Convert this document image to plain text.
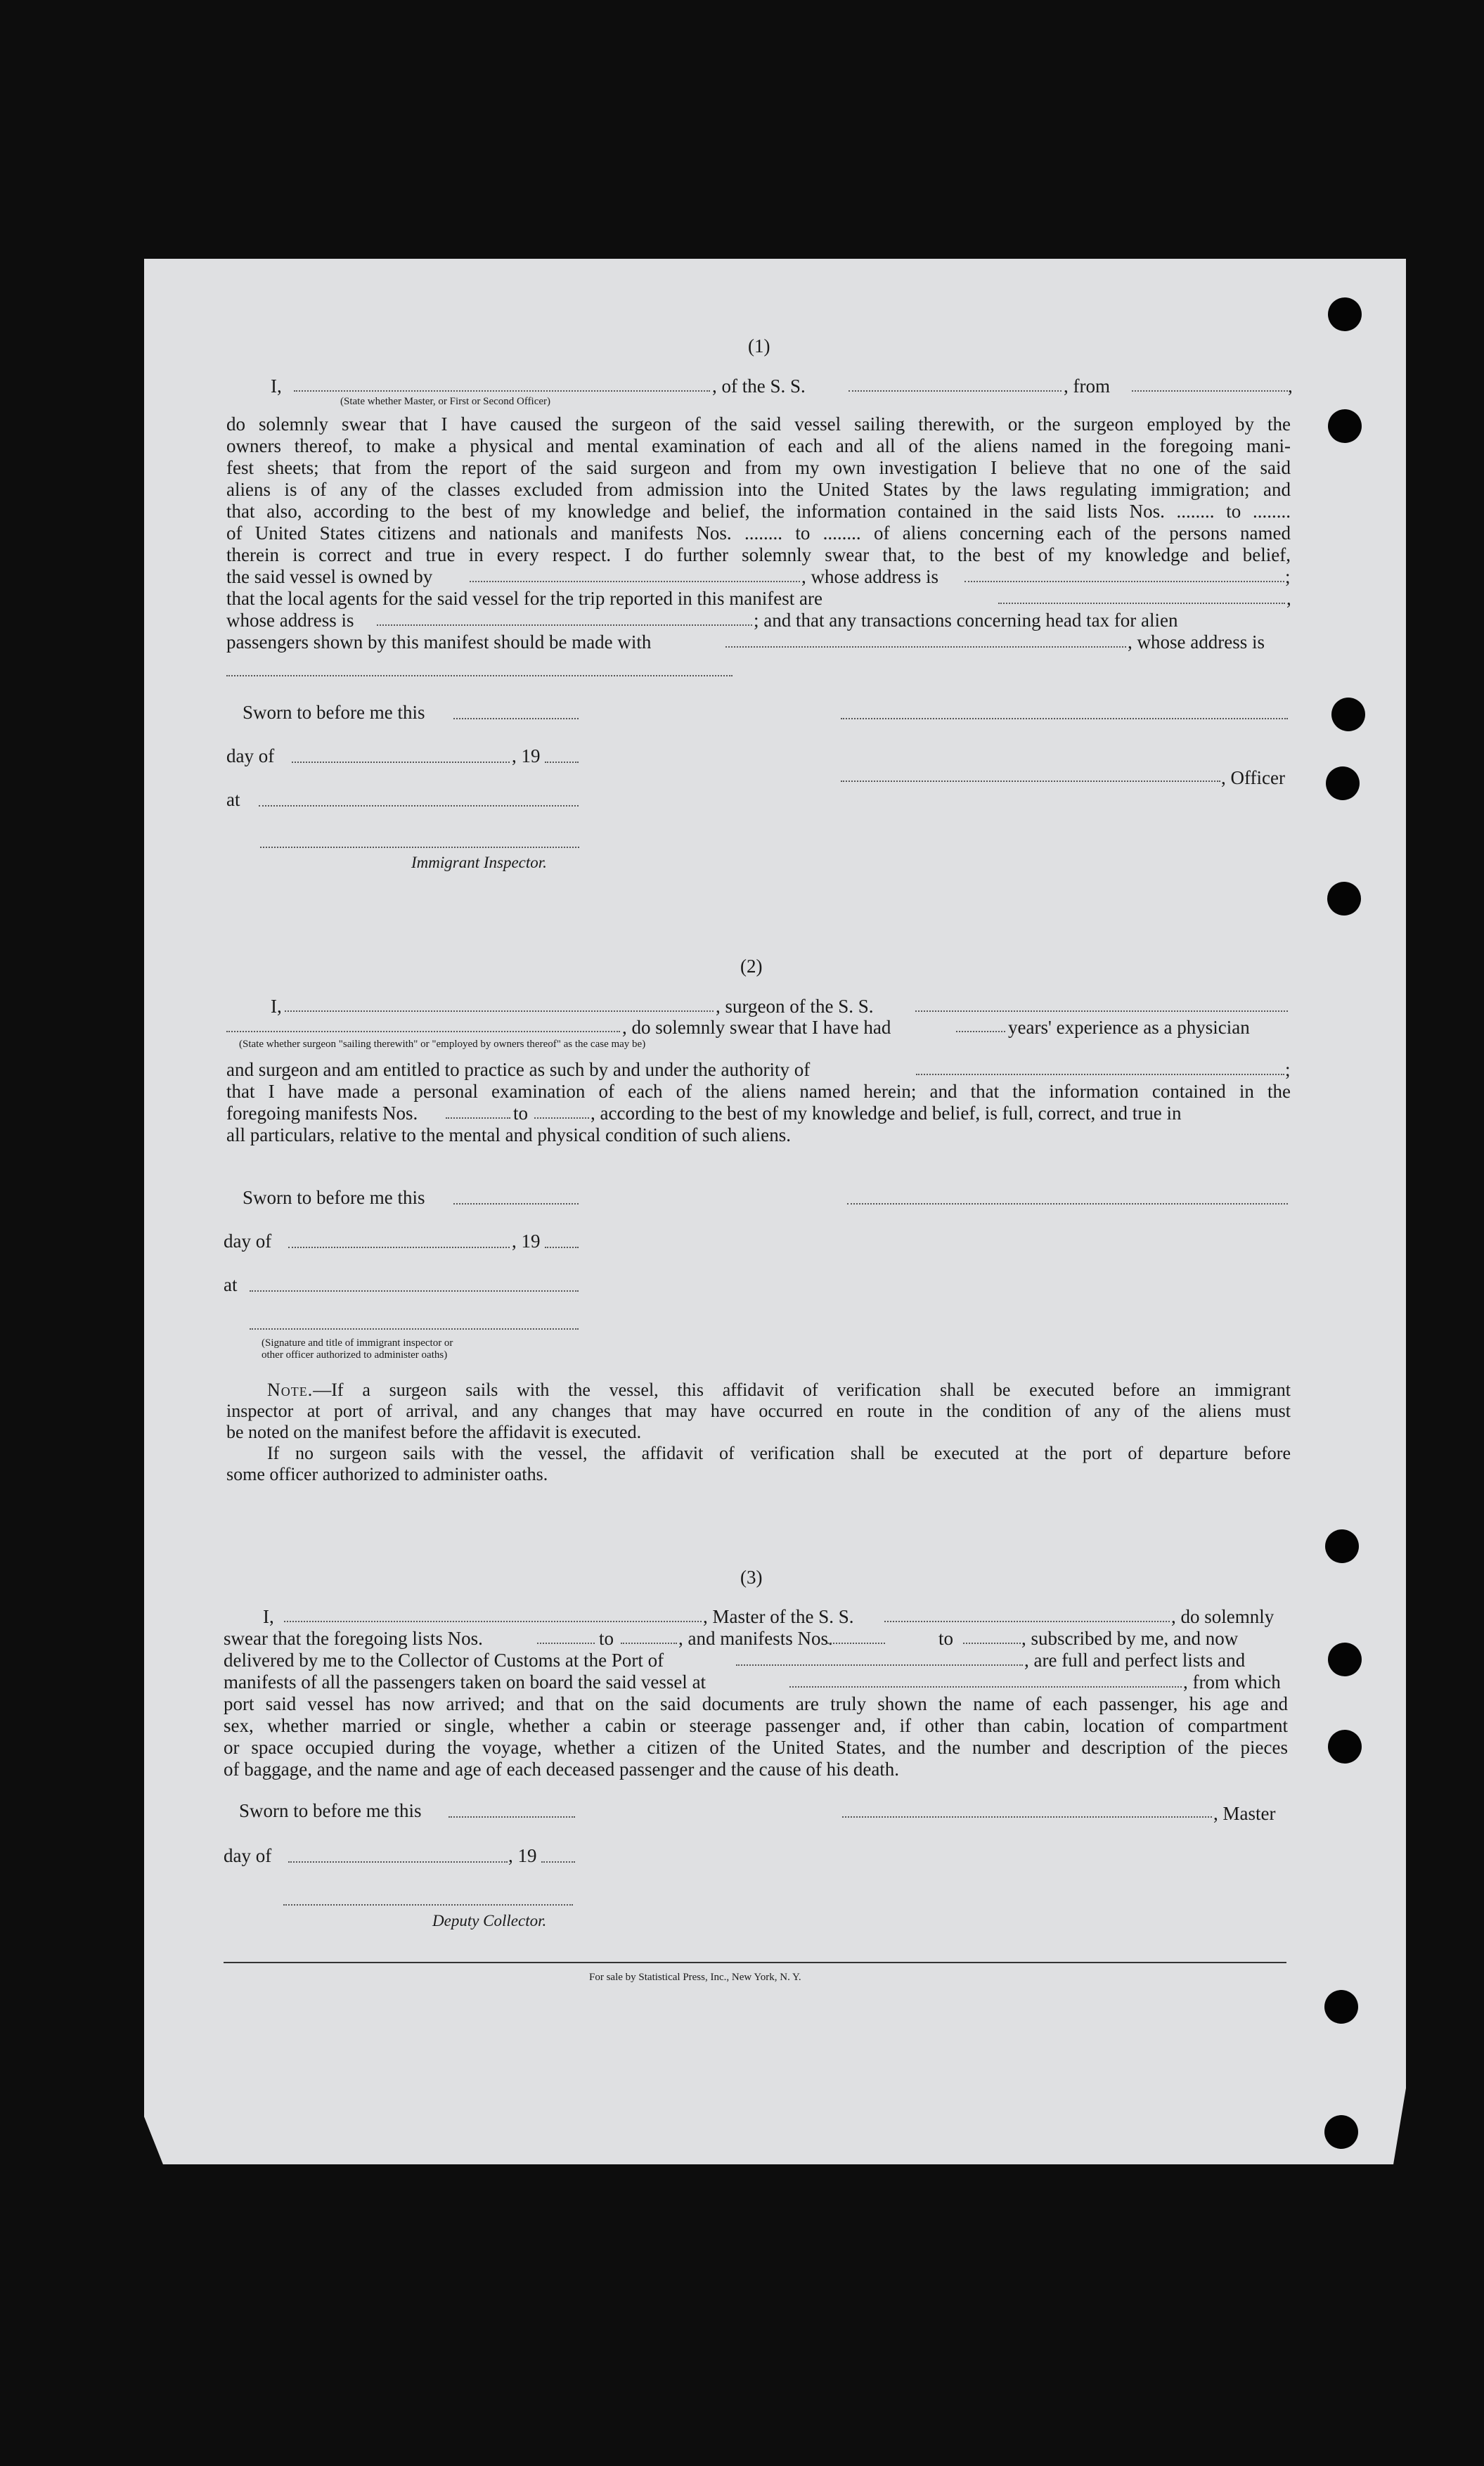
(1)
I,	, of the S. S.	, from	,
(State whether Master, or First or Second Officer)
do solemnly swear that I have caused the surgeon of the said vessel sailing therewith, or the surgeon employed by the
owners thereof, to make a physical and mental examination of each and all of the aliens named in the foregoing mani-
fest sheets; that from the report of the said surgeon and from my own investigation I believe that no one of the said
aliens is of any of the classes excluded from admission into the United States by the laws regulating immigration; and
that also, according to the best of my knowledge and belief, the information contained in the said lists Nos. ........ to ........
of United States citizens and nationals and manifests Nos. ........ to ........ of aliens concerning each of the persons named
therein is correct and true in every respect. I do further solemnly swear that, to the best of my knowledge and belief,
the said vessel is owned by	, whose address is	;
that the local agents for the said vessel for the trip reported in this manifest are	,
whose address is	; and that any transactions concerning head tax for alien
passengers shown by this manifest should be made with	, whose address is
Sworn to before me this
day of	, 19
, Officer
at
Immigrant Inspector.
(2)
I,	, surgeon of the S. S.
, do solemnly swear that I have had	years' experience as a physician
(State whether surgeon "sailing therewith" or "employed by owners thereof" as the case may be)
and surgeon and am entitled to practice as such by and under the authority of	;
that I have made a personal examination of each of the aliens named herein; and that the information contained in the
foregoing manifests Nos.	to	, according to the best of my knowledge and belief, is full, correct, and true in
all particulars, relative to the mental and physical condition of such aliens.
Sworn to before me this
day of	, 19
at
(Signature and title of immigrant inspector or
other officer authorized to administer oaths)
Note.—If a surgeon sails with the vessel, this affidavit of verification shall be executed before an immigrant
inspector at port of arrival, and any changes that may have occurred en route in the condition of any of the aliens must
be noted on the manifest before the affidavit is executed.
If no surgeon sails with the vessel, the affidavit of verification shall be executed at the port of departure before
some officer authorized to administer oaths.
(3)
I,	, Master of the S. S.	, do solemnly
swear that the foregoing lists Nos.	to	, and manifests Nos.	to	, subscribed by me, and now
delivered by me to the Collector of Customs at the Port of	, are full and perfect lists and
manifests of all the passengers taken on board the said vessel at	, from which
port said vessel has now arrived; and that on the said documents are truly shown the name of each passenger, his age and
sex, whether married or single, whether a cabin or steerage passenger and, if other than cabin, location of compartment
or space occupied during the voyage, whether a citizen of the United States, and the number and description of the pieces
of baggage, and the name and age of each deceased passenger and the cause of his death.
Sworn to before me this	, Master
day of	, 19
Deputy Collector.
For sale by Statistical Press, Inc., New York, N. Y.
